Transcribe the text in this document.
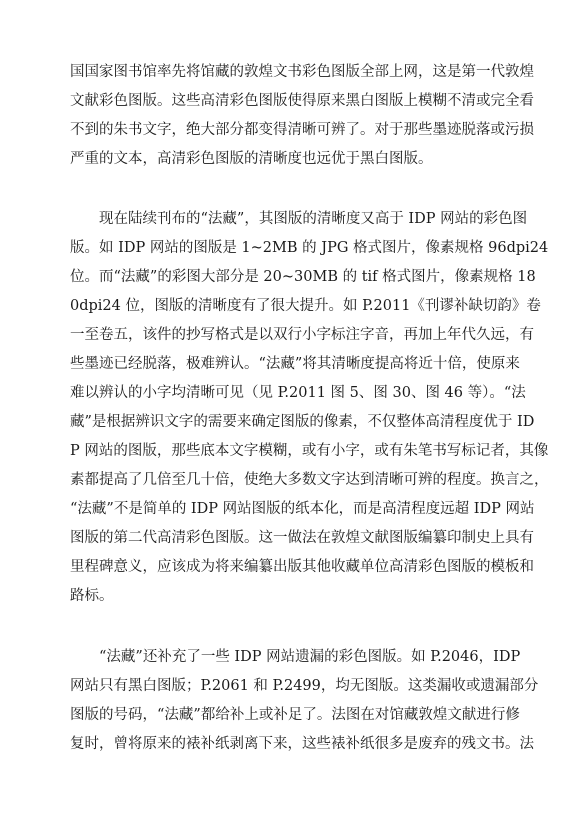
国国家图书馆率先将馆藏的敦煌文书彩色图版全部上网，这是第一代敦煌
文献彩色图版。这些高清彩色图版使得原来黑白图版上模糊不清或完全看
不到的朱书文字，绝大部分都变得清晰可辨了。对于那些墨迹脱落或污损
严重的文本，高清彩色图版的清晰度也远优于黑白图版。
　　现在陆续刊布的“法藏”，其图版的清晰度又高于 IDP 网站的彩色图
版。如 IDP 网站的图版是 1~2MB 的 JPG 格式图片，像素规格 96dpi24
位。而“法藏”的彩图大部分是 20~30MB 的 tif 格式图片，像素规格 18
0dpi24 位，图版的清晰度有了很大提升。如 P.2011《刊谬补缺切韵》卷
一至卷五，该件的抄写格式是以双行小字标注字音，再加上年代久远，有
些墨迹已经脱落，极难辨认。“法藏”将其清晰度提高将近十倍，使原来
难以辨认的小字均清晰可见（见 P.2011 图 5、图 30、图 46 等）。“法
藏”是根据辨识文字的需要来确定图版的像素，不仅整体高清程度优于 ID
P 网站的图版，那些底本文字模糊，或有小字，或有朱笔书写标记者，其像
素都提高了几倍至几十倍，使绝大多数文字达到清晰可辨的程度。换言之，
“法藏”不是简单的 IDP 网站图版的纸本化，而是高清程度远超 IDP 网站
图版的第二代高清彩色图版。这一做法在敦煌文献图版编纂印制史上具有
里程碑意义，应该成为将来编纂出版其他收藏单位高清彩色图版的模板和
路标。
　　“法藏”还补充了一些 IDP 网站遗漏的彩色图版。如 P.2046，IDP
网站只有黑白图版；P.2061 和 P.2499，均无图版。这类漏收或遗漏部分
图版的号码，“法藏”都给补上或补足了。法图在对馆藏敦煌文献进行修
复时，曾将原来的裱补纸剥离下来，这些裱补纸很多是废弃的残文书。法
